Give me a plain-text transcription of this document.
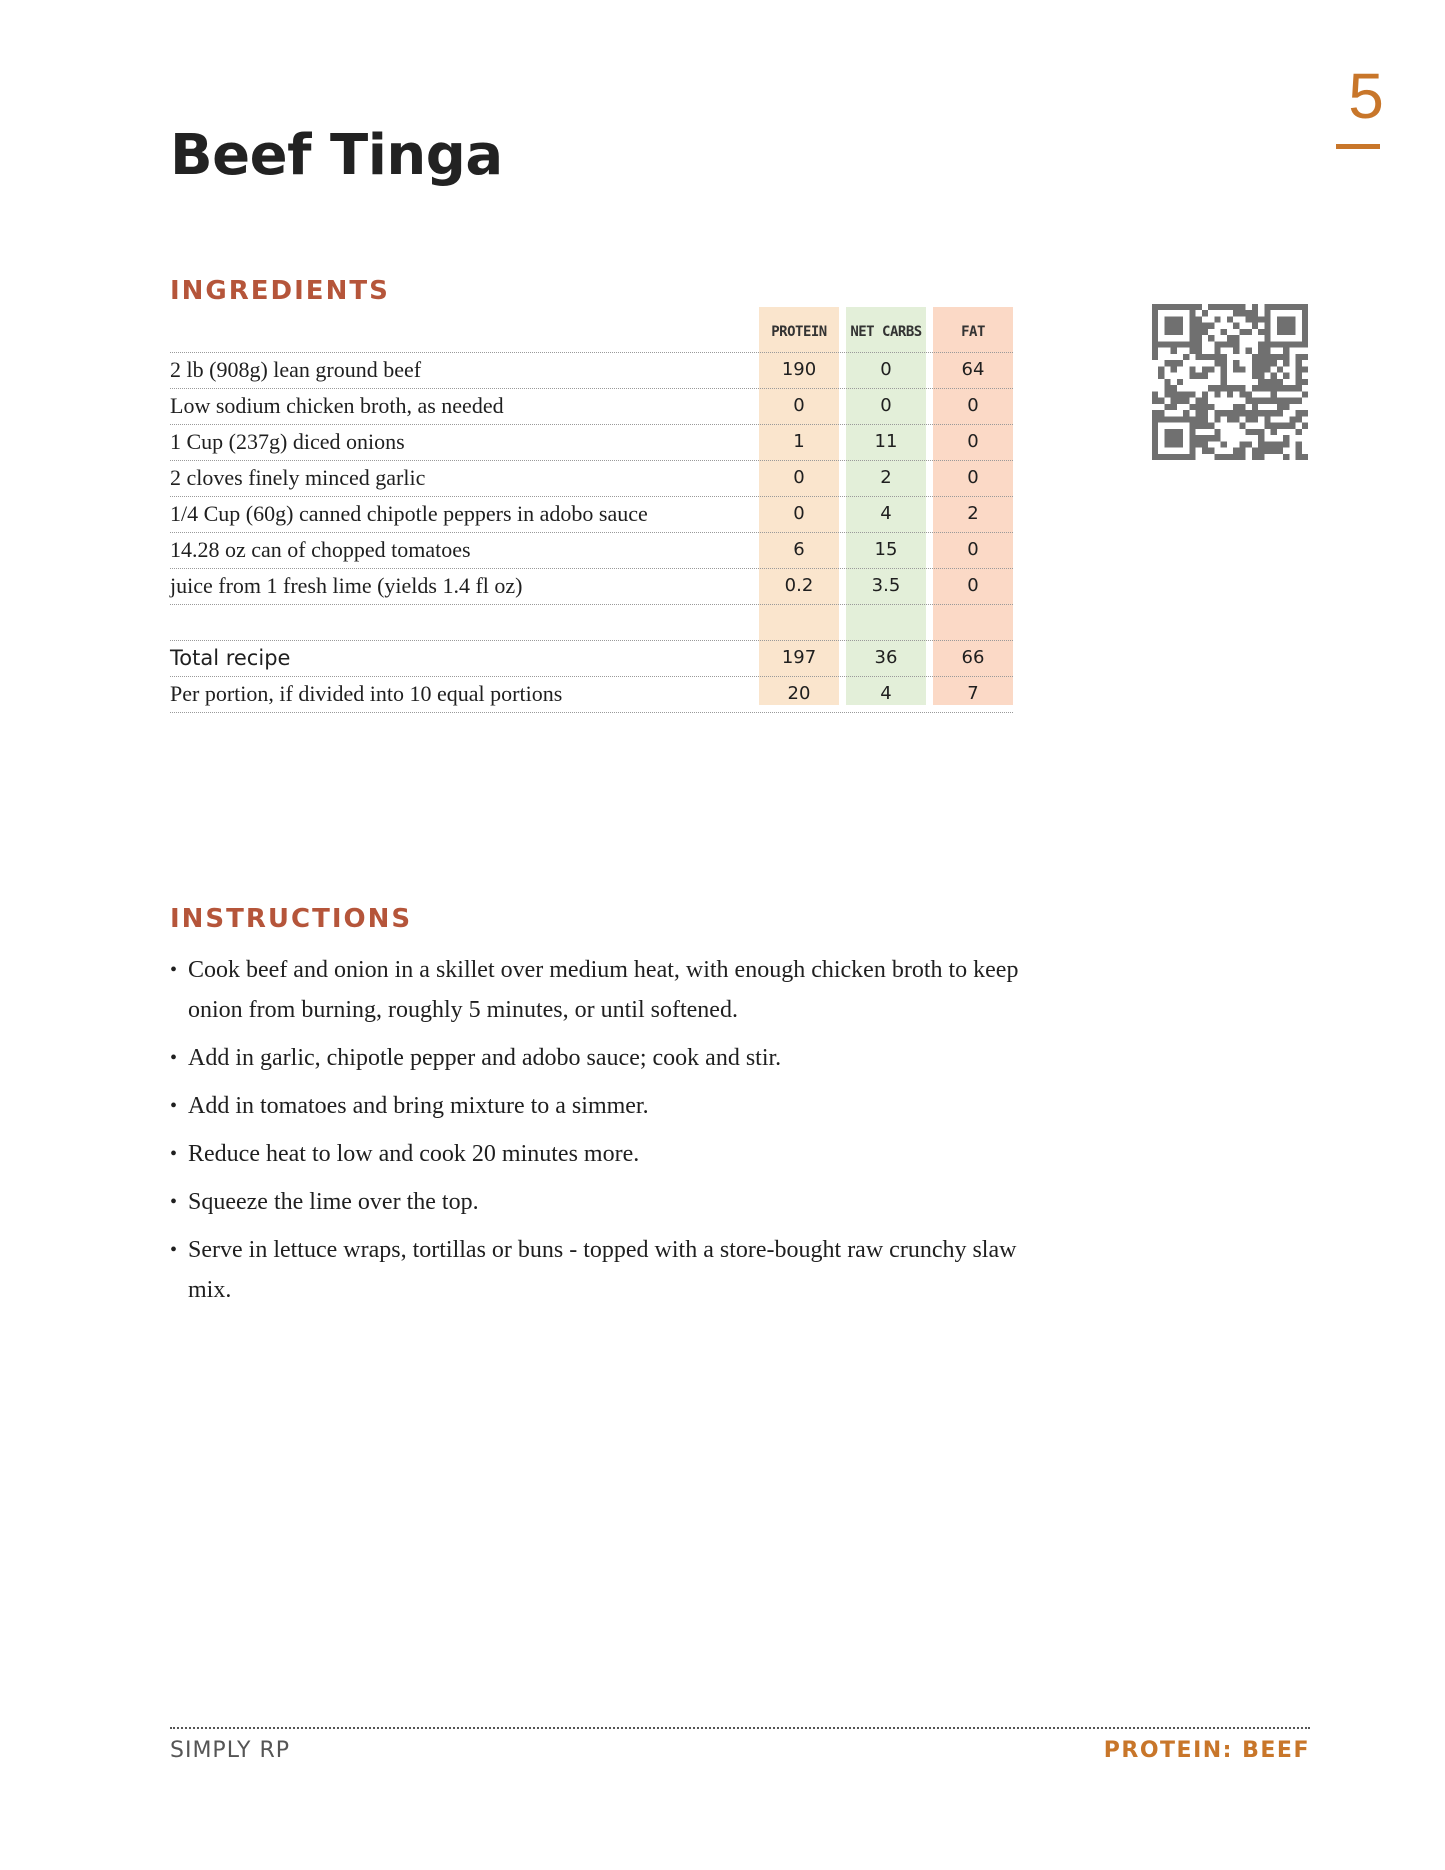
5
Beef Tinga
INGREDIENTS
PROTEIN	NET CARBS	FAT
2 lb (908g) lean ground beef	190	0	64
Low sodium chicken broth, as needed	0	0	0
1 Cup (237g) diced onions	1	11	0
2 cloves finely minced garlic	0	2	0
1/4 Cup (60g) canned chipotle peppers in adobo sauce	0	4	2
14.28 oz can of chopped tomatoes	6	15	0
juice from 1 fresh lime (yields 1.4 fl oz)	0.2	3.5	0
Total recipe	197	36	66
Per portion, if divided into 10 equal portions	20	4	7
INSTRUCTIONS
• Cook beef and onion in a skillet over medium heat, with enough chicken broth to keep onion from burning, roughly 5 minutes, or until softened.
• Add in garlic, chipotle pepper and adobo sauce; cook and stir.
• Add in tomatoes and bring mixture to a simmer.
• Reduce heat to low and cook 20 minutes more.
• Squeeze the lime over the top.
• Serve in lettuce wraps, tortillas or buns - topped with a store-bought raw crunchy slaw mix.
SIMPLY RP	PROTEIN: BEEF
